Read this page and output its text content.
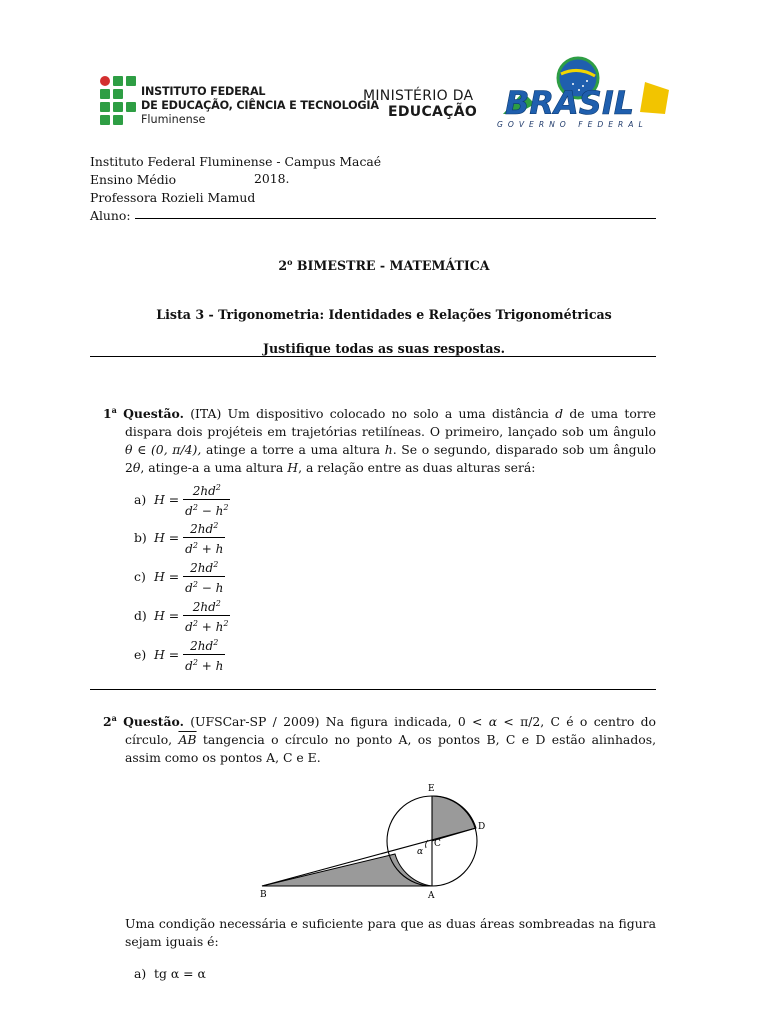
INSTITUTO FEDERAL
DE EDUCAÇÃO, CIÊNCIA E TECNOLOGIA
Fluminense
MINISTÉRIO DA
EDUCAÇÃO BRASIL
GOVERNO FEDERAL
Instituto Federal Fluminense - Campus Macaé
Ensino Médio
Professora Rozieli Mamud
Aluno:
2018.
2$^o$ BIMESTRE - MATEMÁTICA
Lista 3 - Trigonometria: Identidades e Relações Trigonométricas
Justifique todas as suas respostas.
1$^a$ Questão. (ITA) Um dispositivo colocado no solo a uma distância d de uma torre dispara dois projéteis em trajetórias retilíneas. O primeiro, lançado sob um ângulo θ ∈ (0, π/4), atinge a torre a uma altura h. Se o segundo, disparado sob um ângulo 2θ, atinge-a a uma altura H, a relação entre as duas alturas será:
a) $H = \frac{2hd^2}{d^2 - h^2}$
b) $H = \frac{2hd^2}{d^2 + h}$
c) $H = \frac{2hd^2}{d^2 - h}$
d) $H = \frac{2hd^2}{d^2 + h^2}$
e) $H = \frac{2hd^2}{d^2 + h}$
2$^a$ Questão. (UFSCar-SP / 2009) Na figura indicada, 0 < α < π/2, C é o centro do círculo, $\overline{AB}$ tangencia o círculo no ponto A, os pontos B, C e D estão alinhados, assim como os pontos A, C e E.
E
D
C
α
B	A
Uma condição necessária e suficiente para que as duas áreas sombreadas na figura sejam iguais é:
a) tg α = α
